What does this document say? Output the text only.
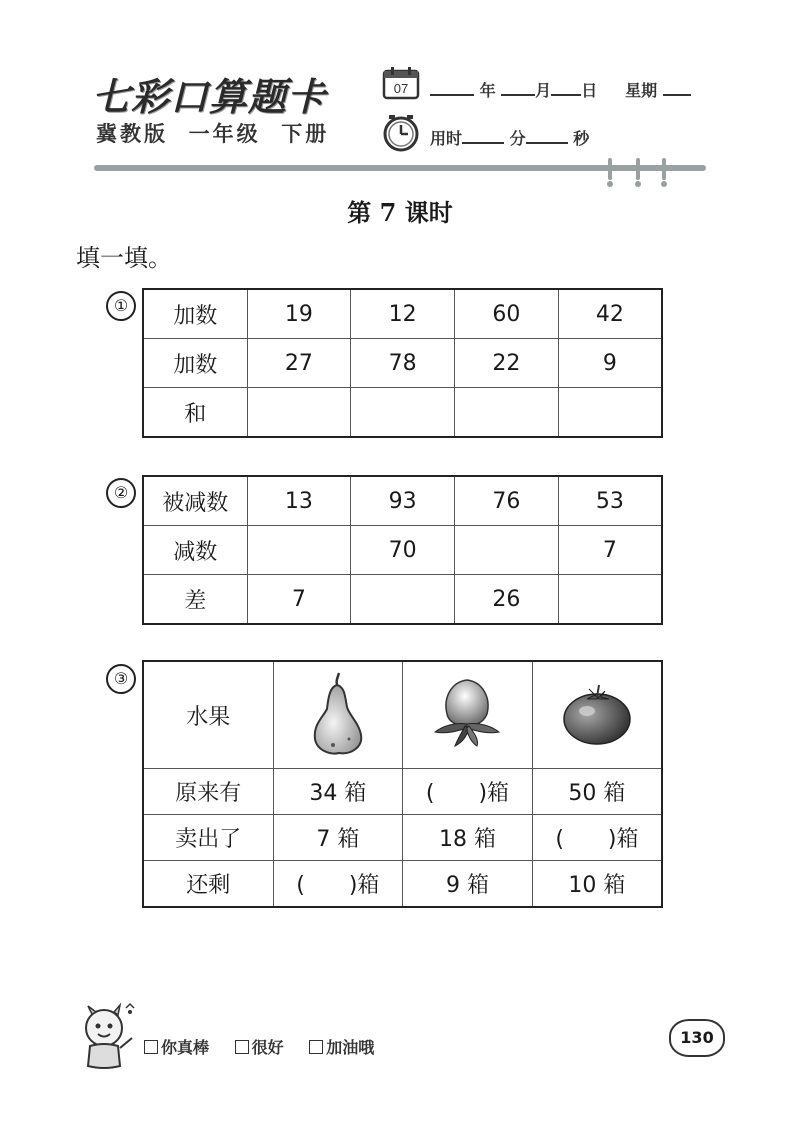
七彩口算题卡
冀教版 一年级 下册
07	年 月 日 星期
用时	分	秒
第 7 课时
填一填。
①	加数	19	12	60	42
加数	27	78	22	9
和				
②	被减数	13	93	76	53
减数		70		7
差	7		26	
③
水果			
原来有	34 箱	(　　)箱	50 箱
卖出了	7 箱	18 箱	(　　)箱
还剩	(　　)箱	9 箱	10 箱
你真棒	很好	加油哦
130
